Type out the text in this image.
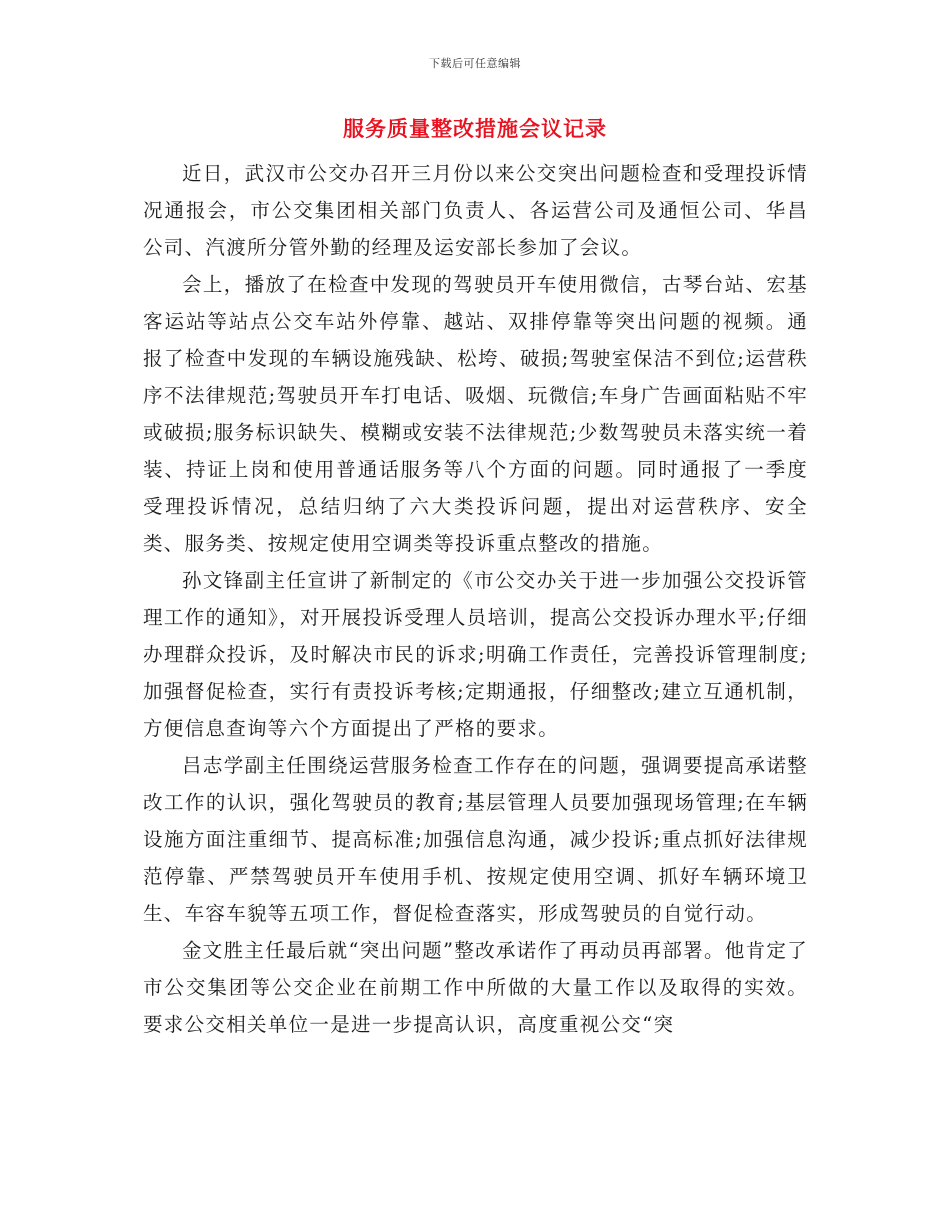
下载后可任意编辑
服务质量整改措施会议记录

近日，武汉市公交办召开三月份以来公交突出问题检查和受理投诉情况通报会，市公交集团相关部门负责人、各运营公司及通恒公司、华昌公司、汽渡所分管外勤的经理及运安部长参加了会议。

会上，播放了在检查中发现的驾驶员开车使用微信，古琴台站、宏基客运站等站点公交车站外停靠、越站、双排停靠等突出问题的视频。通报了检查中发现的车辆设施残缺、松垮、破损;驾驶室保洁不到位;运营秩序不法律规范;驾驶员开车打电话、吸烟、玩微信;车身广告画面粘贴不牢或破损;服务标识缺失、模糊或安装不法律规范;少数驾驶员未落实统一着装、持证上岗和使用普通话服务等八个方面的问题。同时通报了一季度受理投诉情况，总结归纳了六大类投诉问题，提出对运营秩序、安全类、服务类、按规定使用空调类等投诉重点整改的措施。

孙文锋副主任宣讲了新制定的《市公交办关于进一步加强公交投诉管理工作的通知》，对开展投诉受理人员培训，提高公交投诉办理水平;仔细办理群众投诉，及时解决市民的诉求;明确工作责任，完善投诉管理制度;加强督促检查，实行有责投诉考核;定期通报，仔细整改;建立互通机制，方便信息查询等六个方面提出了严格的要求。

吕志学副主任围绕运营服务检查工作存在的问题，强调要提高承诺整改工作的认识，强化驾驶员的教育;基层管理人员要加强现场管理;在车辆设施方面注重细节、提高标准;加强信息沟通，减少投诉;重点抓好法律规范停靠、严禁驾驶员开车使用手机、按规定使用空调、抓好车辆环境卫生、车容车貌等五项工作，督促检查落实，形成驾驶员的自觉行动。

金文胜主任最后就“突出问题”整改承诺作了再动员再部署。他肯定了市公交集团等公交企业在前期工作中所做的大量工作以及取得的实效。要求公交相关单位一是进一步提高认识，高度重视公交“突
